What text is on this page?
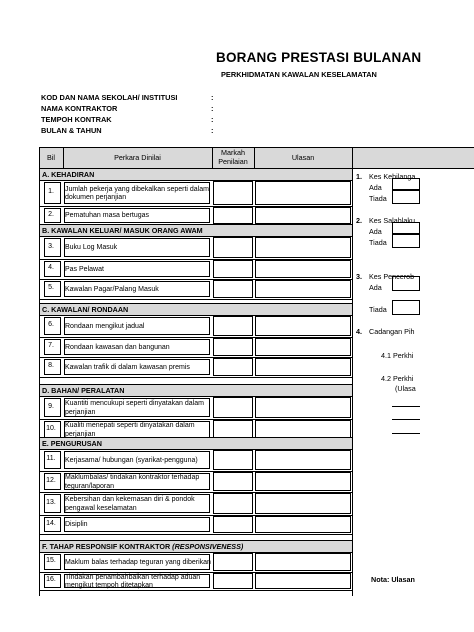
BORANG PRESTASI BULANAN
PERKHIDMATAN KAWALAN KESELAMATAN
KOD DAN NAMA SEKOLAH/ INSTITUSI	:
NAMA KONTRAKTOR	:
TEMPOH KONTRAK	:
BULAN & TAHUN	:
Bil	Perkara Dinilai
Markah Penilaian	Ulasan
A. KEHADIRAN
1.	Jumlah pekerja yang dibekalkan seperti dalam dokumen perjanjian
2.	Pematuhan masa bertugas
B. KAWALAN KELUAR/ MASUK ORANG AWAM
3.	Buku Log Masuk
4.	Pas Pelawat
5.	Kawalan Pagar/Palang Masuk
C. KAWALAN/ RONDAAN
6.	Rondaan mengikut jadual
7.	Rondaan kawasan dan bangunan
8.	Kawalan trafik di dalam kawasan premis
D. BAHAN/ PERALATAN
9.	Kuantiti mencukupi seperti dinyatakan dalam perjanjian
10.	Kualiti menepati seperti dinyatakan dalam perjanjian
E. PENGURUSAN
11.	Kerjasama/ hubungan (syarikat-pengguna)
12.	Maklumbalas/ tindakan kontraktor terhadap teguran/laporan
13.	Kebersihan dan kekemasan diri & pondok pengawal keselamatan
14.	Disiplin
F. TAHAP RESPONSIF KONTRAKTOR (RESPONSIVENESS)
15.	Maklum balas terhadap teguran yang diberikan
16.	Tindakan penambahbaikan terhadap aduan mengikut tempoh ditetapkan
1. Kes Kehilanga
Ada
Tiada
2. Kes Salahlaku
Ada
Tiada
3. Kes Pencerob
Ada
Tiada
4. Cadangan Pih
4.1 Perkhi
4.2 Perkhi
(Ulasa
Nota: Ulasan
